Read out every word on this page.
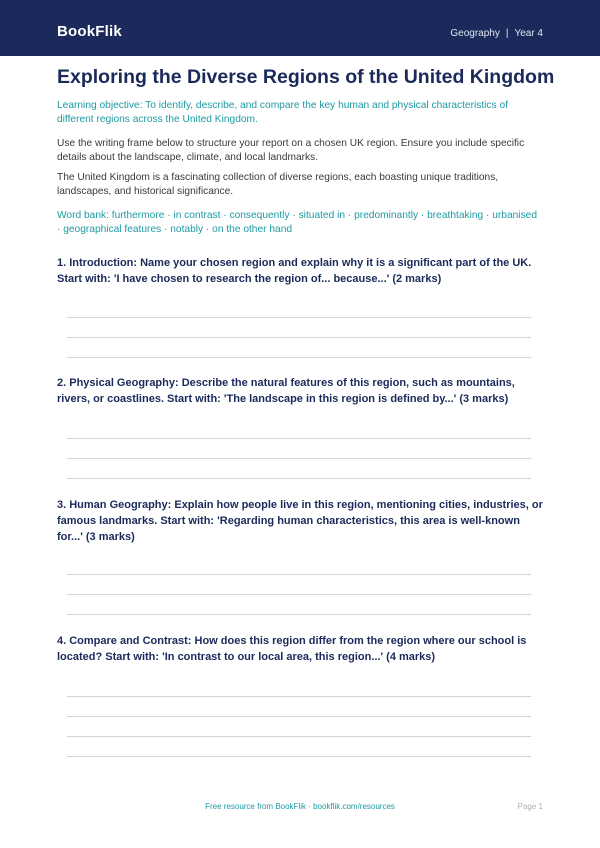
BookFlik	Geography | Year 4
Exploring the Diverse Regions of the United Kingdom

Learning objective: To identify, describe, and compare the key human and physical characteristics of different regions across the United Kingdom.

Use the writing frame below to structure your report on a chosen UK region. Ensure you include specific details about the landscape, climate, and local landmarks.

The United Kingdom is a fascinating collection of diverse regions, each boasting unique traditions, landscapes, and historical significance.

Word bank: furthermore · in contrast · consequently · situated in · predominantly · breathtaking · urbanised · geographical features · notably · on the other hand

1. Introduction: Name your chosen region and explain why it is a significant part of the UK. Start with: 'I have chosen to research the region of... because...' (2 marks)

2. Physical Geography: Describe the natural features of this region, such as mountains, rivers, or coastlines. Start with: 'The landscape in this region is defined by...' (3 marks)

3. Human Geography: Explain how people live in this region, mentioning cities, industries, or famous landmarks. Start with: 'Regarding human characteristics, this area is well-known for...' (3 marks)

4. Compare and Contrast: How does this region differ from the region where our school is located? Start with: 'In contrast to our local area, this region...' (4 marks)

Free resource from BookFlik · bookflik.com/resources	Page 1
